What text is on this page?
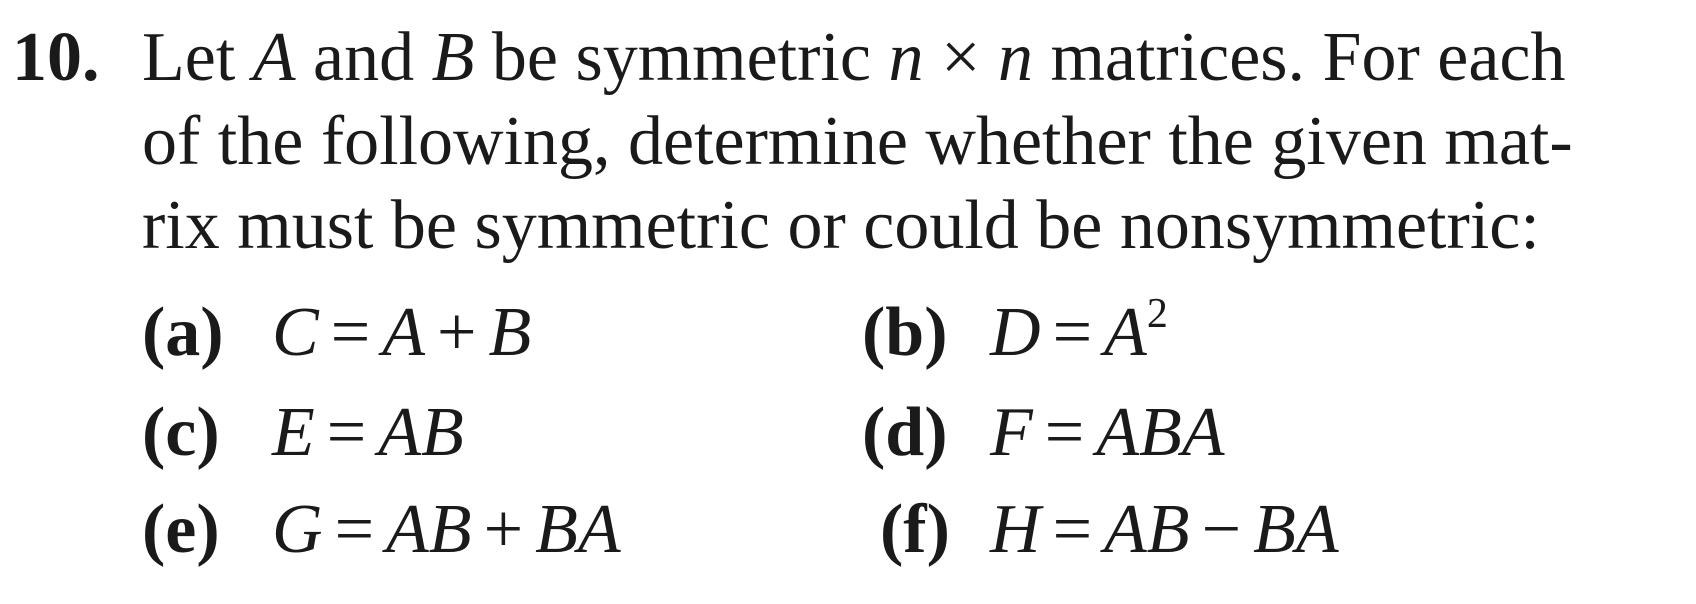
10. Let A and B be symmetric n × n matrices. For each
of the following, determine whether the given mat-
rix must be symmetric or could be nonsymmetric:
(a) C = A + B	(b) $D = A^2$
(c) E = AB	(d) F = ABA
(e) G = AB + BA	(f) H = AB − BA
